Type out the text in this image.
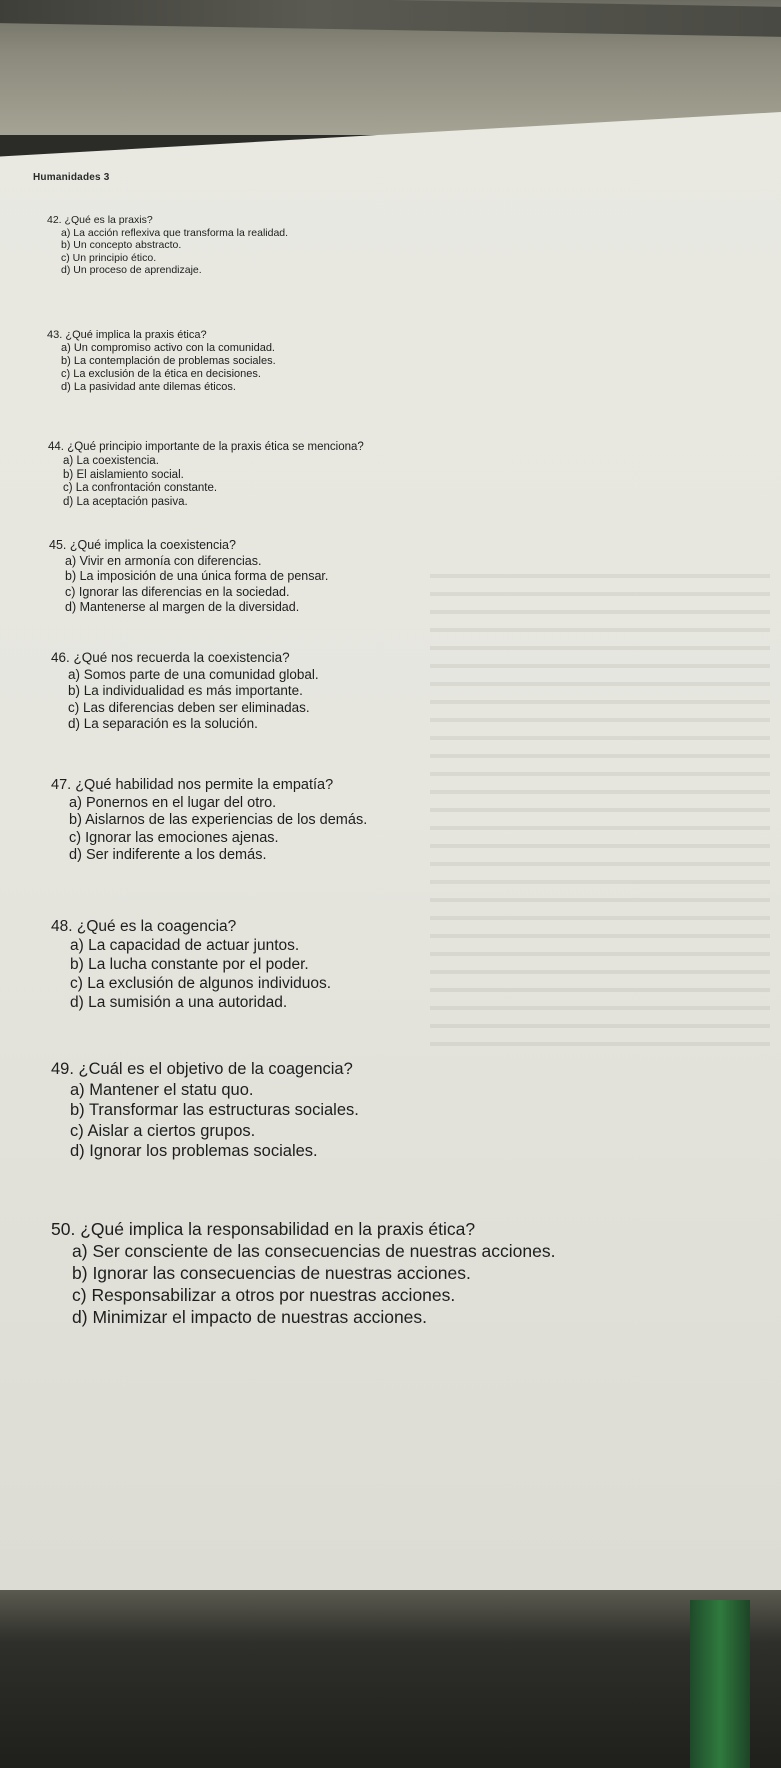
Humanidades 3
42. ¿Qué es la praxis?
a) La acción reflexiva que transforma la realidad.
b) Un concepto abstracto.
c) Un principio ético.
d) Un proceso de aprendizaje.
43. ¿Qué implica la praxis ética?
a) Un compromiso activo con la comunidad.
b) La contemplación de problemas sociales.
c) La exclusión de la ética en decisiones.
d) La pasividad ante dilemas éticos.
44. ¿Qué principio importante de la praxis ética se menciona?
a) La coexistencia.
b) El aislamiento social.
c) La confrontación constante.
d) La aceptación pasiva.
45. ¿Qué implica la coexistencia?
a) Vivir en armonía con diferencias.
b) La imposición de una única forma de pensar.
c) Ignorar las diferencias en la sociedad.
d) Mantenerse al margen de la diversidad.
46. ¿Qué nos recuerda la coexistencia?
a) Somos parte de una comunidad global.
b) La individualidad es más importante.
c) Las diferencias deben ser eliminadas.
d) La separación es la solución.
47. ¿Qué habilidad nos permite la empatía?
a) Ponernos en el lugar del otro.
b) Aislarnos de las experiencias de los demás.
c) Ignorar las emociones ajenas.
d) Ser indiferente a los demás.
48. ¿Qué es la coagencia?
a) La capacidad de actuar juntos.
b) La lucha constante por el poder.
c) La exclusión de algunos individuos.
d) La sumisión a una autoridad.
49. ¿Cuál es el objetivo de la coagencia?
a) Mantener el statu quo.
b) Transformar las estructuras sociales.
c) Aislar a ciertos grupos.
d) Ignorar los problemas sociales.
50. ¿Qué implica la responsabilidad en la praxis ética?
a) Ser consciente de las consecuencias de nuestras acciones.
b) Ignorar las consecuencias de nuestras acciones.
c) Responsabilizar a otros por nuestras acciones.
d) Minimizar el impacto de nuestras acciones.
